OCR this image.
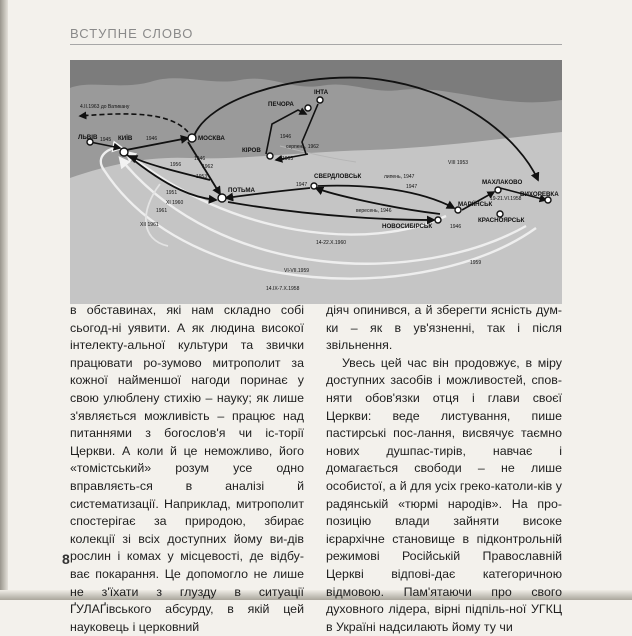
ВСТУПНЕ СЛОВО
ЛЬВІВ	КИЇВ	МОСКВА
ПОТЬМА
ПЕЧОРА
ІНТА
КІРОВ
СВЕРДЛОВСЬК
НОВОСИБІРСЬК
МАРІЇНСЬК
МАХЛАКОВО
ВИХОРЕВКА
КРАСНОЯРСЬК
4.II.1963 до Ватикану
1945	1946
1946
1946
1946
1947	1947
1951
1953
1956
1959
1961
1962
1963
серпень, 1962
вересень, 1946
липень, 1947
VIII 1953
19-21.VI.1958
XII 1961
XI 1960
14-22.X.1960
VI-VII.1959
14.IX-7.X.1958

в обставинах, які нам складно собі сьогод-ні уявити. А як людина високої інтелекту-альної культури та звички працювати ро-зумово митрополит за кожної найменшої нагоди поринає у свою улюблену стихію – науку; як лише з'являється можливість – працює над питаннями з богослов'я чи іс-торії Церкви. А коли й це неможливо, його «томістський» розум усе одно вправляєть-ся в аналізі й систематизації. Наприклад, митрополит спостерігає за природою, збирає колекції зі всіх доступних йому ви-дів рослин і комах у місцевості, де відбу-ває покарання. Це допомогло не лише не з'їхати з глузду в ситуації ҐУЛАҐівського абсурду, в якій цей науковець і церковний

діяч опинився, а й зберегти ясність дум-ки – як в ув'язненні, так і після звільнення.

Увесь цей час він продовжує, в міру доступних засобів і можливостей, спов-няти обов'язки отця і глави своєї Церкви: веде листування, пише пастирські пос-лання, висвячує таємно нових душпас-тирів, навчає і домагається свободи – не лише особистої, а й для усіх греко-католи-ків у радянській «тюрмі народів». На про-позицію влади зайняти високе ієрархічне становище в підконтрольній режимові Російській Православній Церкві відпові-дає категоричною відмовою. Пам'ятаючи про свого духовного лідера, вірні підпіль-ної УГКЦ в Україні надсилають йому ту чи

8
